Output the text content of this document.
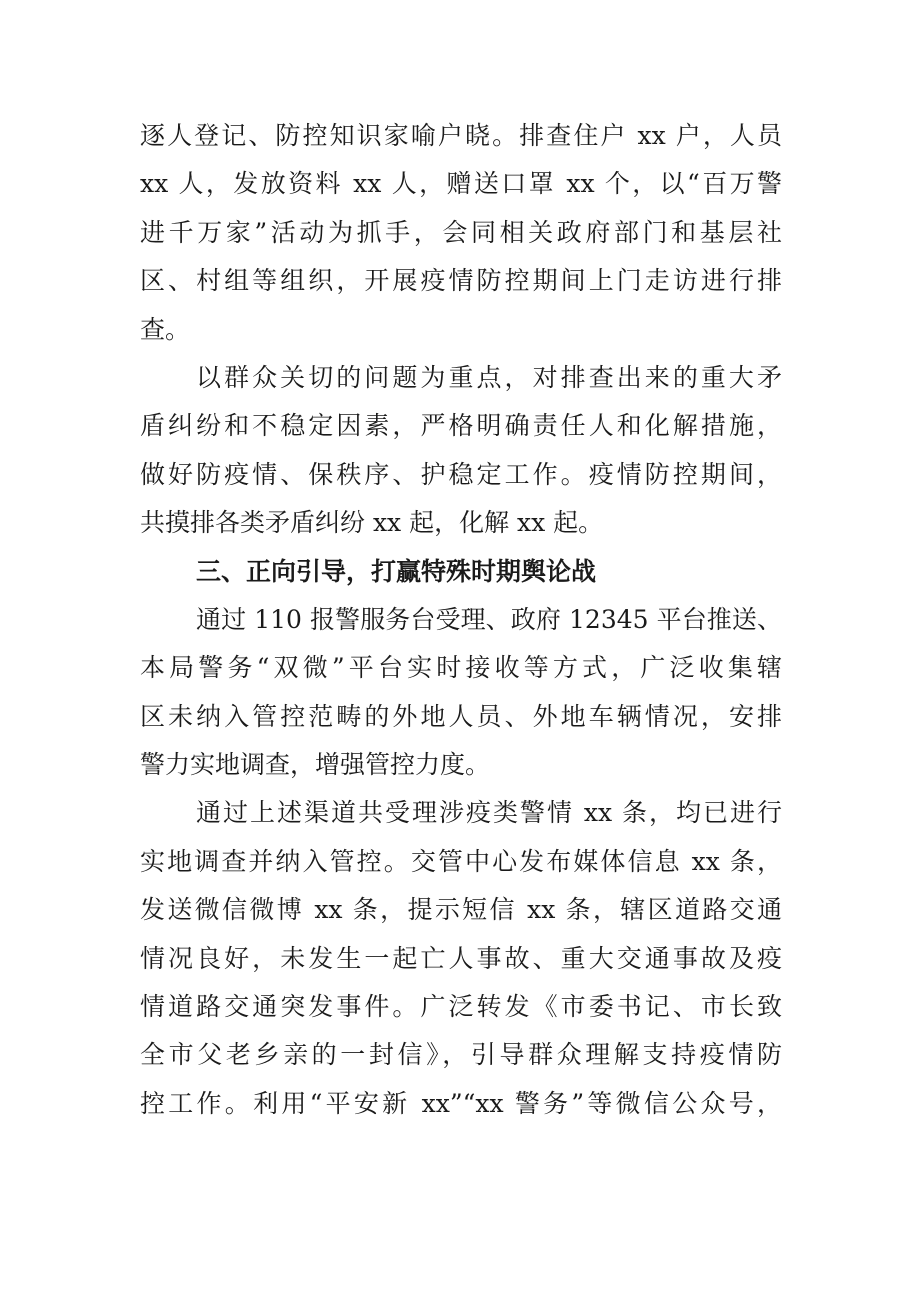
逐人登记、防控知识家喻户晓。排查住户 xx 户，人员
xx 人，发放资料 xx 人，赠送口罩 xx 个，以“百万警
进千万家”活动为抓手，会同相关政府部门和基层社
区、村组等组织，开展疫情防控期间上门走访进行排
查。
以群众关切的问题为重点，对排查出来的重大矛
盾纠纷和不稳定因素，严格明确责任人和化解措施，
做好防疫情、保秩序、护稳定工作。疫情防控期间，
共摸排各类矛盾纠纷 xx 起，化解 xx 起。
三、正向引导，打赢特殊时期舆论战
通过 110 报警服务台受理、政府 12345 平台推送、
本局警务“双微”平台实时接收等方式，广泛收集辖
区未纳入管控范畴的外地人员、外地车辆情况，安排
警力实地调查，增强管控力度。
通过上述渠道共受理涉疫类警情 xx 条，均已进行
实地调查并纳入管控。交管中心发布媒体信息 xx 条，
发送微信微博 xx 条，提示短信 xx 条，辖区道路交通
情况良好，未发生一起亡人事故、重大交通事故及疫
情道路交通突发事件。广泛转发《市委书记、市长致
全市父老乡亲的一封信》，引导群众理解支持疫情防
控工作。利用“平安新 xx”“xx 警务”等微信公众号，
